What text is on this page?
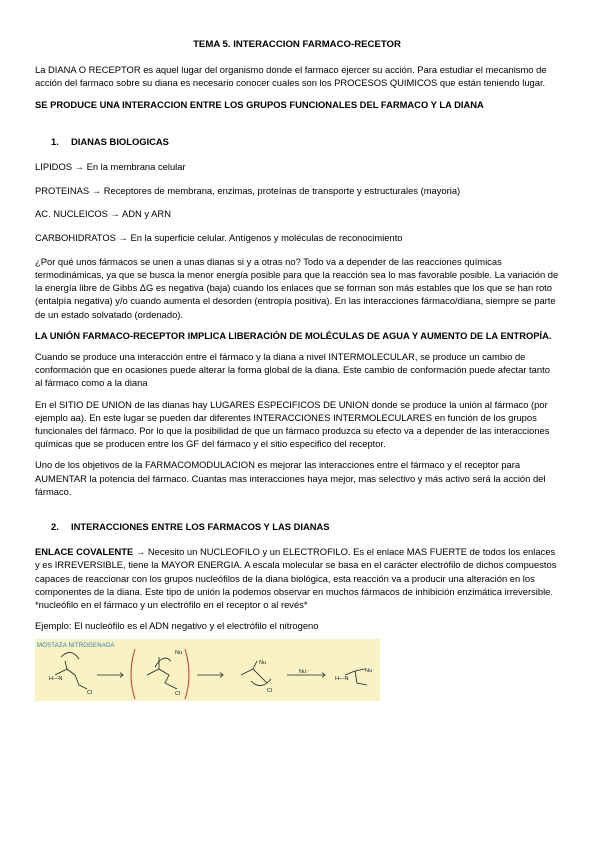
TEMA 5. INTERACCION FARMACO-RECETOR

La DIANA O RECEPTOR es aquel lugar del organismo donde el farmaco ejercer su acción. Para estudiar el mecanismo de acción del farmaco sobre su diana es necesario conocer cuales son los PROCESOS QUIMICOS que están teniendo lugar.

SE PRODUCE UNA INTERACCION ENTRE LOS GRUPOS FUNCIONALES DEL FARMACO Y LA DIANA

1. DIANAS BIOLOGICAS
LIPIDOS → En la membrana celular
PROTEINAS → Receptores de membrana, enzimas, proteínas de transporte y estructurales (mayoria)
AC. NUCLEICOS → ADN y ARN
CARBOHIDRATOS → En la superficie celular. Antígenos y moléculas de reconocimiento

¿Por qué unos fármacos se unen a unas dianas si y a otras no? Todo va a depender de las reacciones químicas termodinámicas, ya que se busca la menor energía posible para que la reacción sea lo mas favorable posible. La variación de la energía libre de Gibbs ΔG es negativa (baja) cuando los enlaces que se forman son más estables que los que se han roto (entalpía negativa) y/o cuando aumenta el desorden (entropía positiva). En las interacciones fármaco/diana, siempre se parte de un estado solvatado (ordenado).

LA UNIÓN FARMACO-RECEPTOR IMPLICA LIBERACIÓN DE MOLÉCULAS DE AGUA Y AUMENTO DE LA ENTROPÍA.

Cuando se produce una interacción entre el fármaco y la diana a nivel INTERMOLECULAR, se produce un cambio de conformación que en ocasiones puede alterar la forma global de la diana. Este cambio de conformación puede afectar tanto al fármaco como a la diana

En el SITIO DE UNION de las dianas hay LUGARES ESPECIFICOS DE UNION donde se produce la unión al fármaco (por ejemplo aa). En este lugar se pueden dar diferentes INTERACCIONES INTERMOLECULARES en función de los grupos funcionales del fármaco. Por lo que la posibilidad de que un fármaco produzca su efecto va a depender de las interacciones químicas que se producen entre los GF del fármaco y el sitio especifico del receptor.

Uno de los objetivos de la FARMACOMODULACION es mejorar las interacciones entre el fármaco y el receptor para AUMENTAR la potencia del fármaco. Cuantas mas interacciones haya mejor, mas selectivo y más activo será la acción del fármaco.

2. INTERACCIONES ENTRE LOS FARMACOS Y LAS DIANAS

ENLACE COVALENTE → Necesito un NUCLEOFILO y un ELECTROFILO. Es el enlace MAS FUERTE de todos los enlaces y es IRREVERSIBLE, tiene la MAYOR ENERGIA. A escala molecular se basa en el carácter electrófilo de dichos compuestos capaces de reaccionar con los grupos nucleófilos de la diana biológica, esta reacción va a producir una alteración en los componentes de la diana. Este tipo de unión la podemos observar en muchos fármacos de inhibición enzimática irreversible.

*nucleófilo en el fármaco y un electrófilo en el receptor o al revés*

Ejemplo: El nucleófilo es el ADN negativo y el electrófilo el nitrogeno

MOSTAZA NITROGENADA
H—N
Cl
Nu
Cl
Nu
Cl
Nu⁻
H—N
Nu
